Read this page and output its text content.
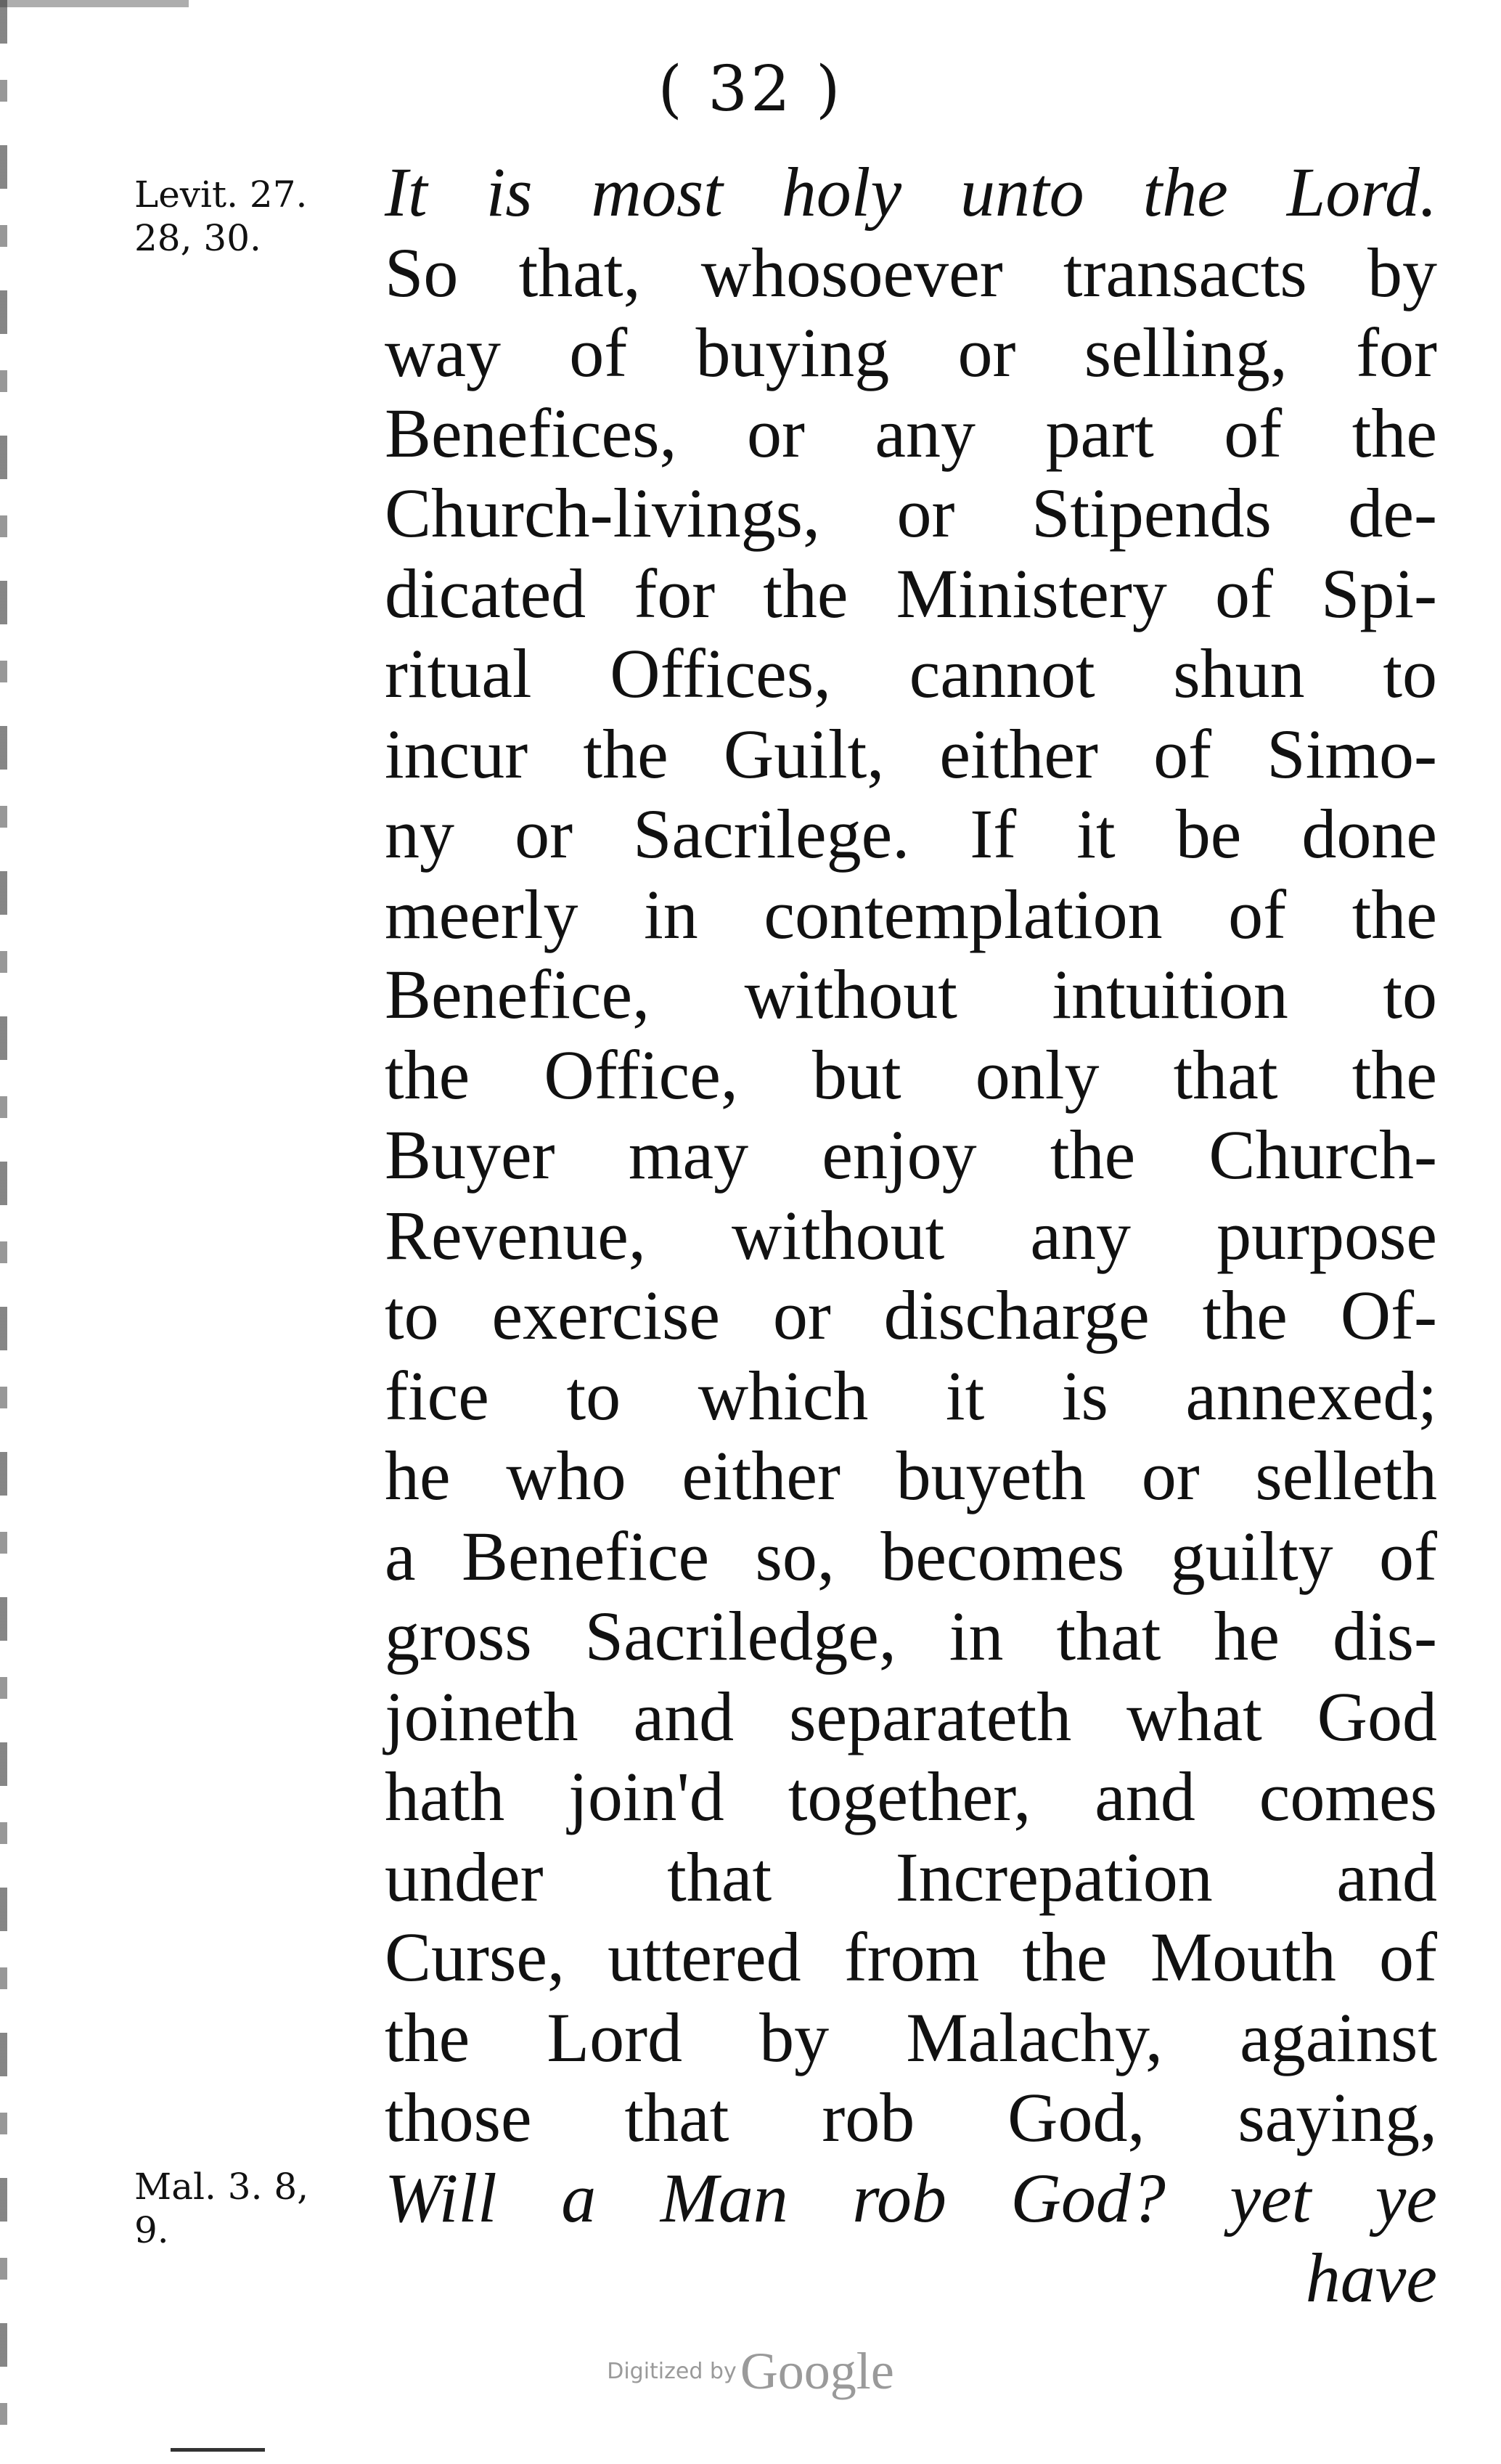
( 32 )
Levit. 27.
28, 30.
Mal. 3. 8,
9.
It is most holy unto the Lord.
So that, whosoever transacts by
way of buying or selling, for
Benefices, or any part of the
Church-livings, or Stipends de-
dicated for the Ministery of Spi-
ritual Offices, cannot shun to
incur the Guilt, either of Simo-
ny or Sacrilege. If it be done
meerly in contemplation of the
Benefice, without intuition to
the Office, but only that the
Buyer may enjoy the Church-
Revenue, without any purpose
to exercise or discharge the Of-
fice to which it is annexed;
he who either buyeth or selleth
a Benefice so, becomes guilty of
gross Sacriledge, in that he dis-
joineth and separateth what God
hath join'd together, and comes
under that Increpation and
Curse, uttered from the Mouth of
the Lord by Malachy, against
those that rob God, saying,
Will a Man rob God? yet ye
have
Digitized by Google
